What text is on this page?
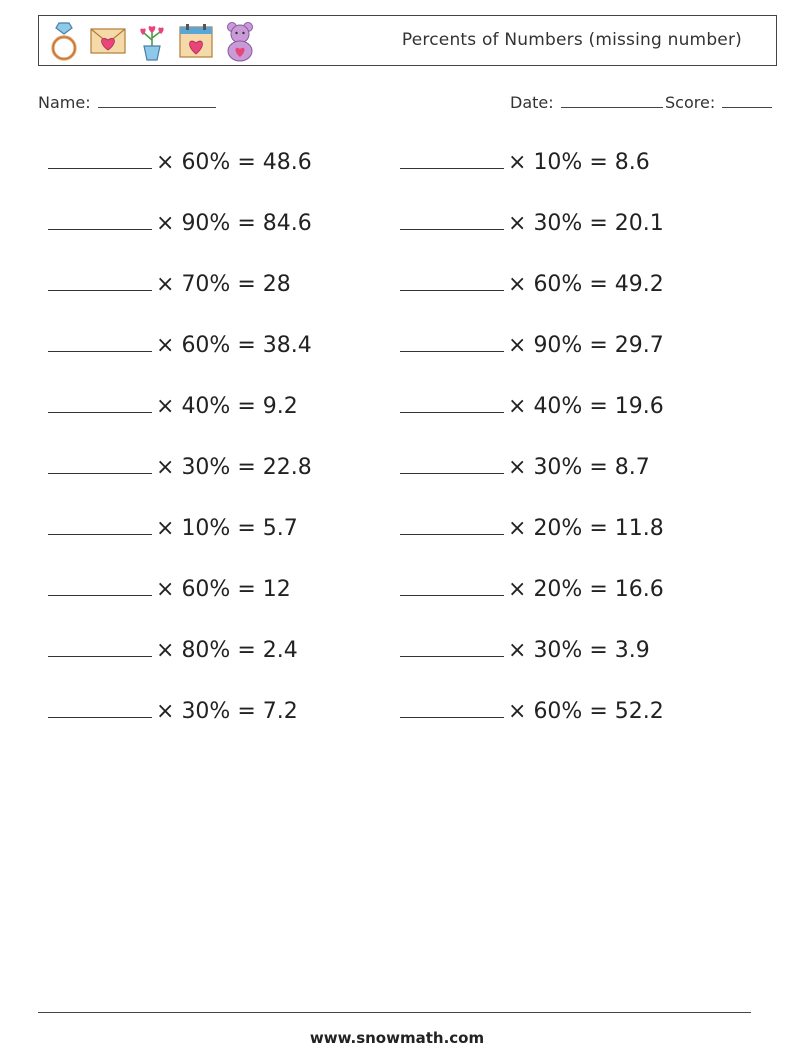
Percents of Numbers (missing number)
Name:	Date:	Score:
× 60% = 48.6	× 10% = 8.6
× 90% = 84.6	× 30% = 20.1
× 70% = 28	× 60% = 49.2
× 60% = 38.4	× 90% = 29.7
× 40% = 9.2	× 40% = 19.6
× 30% = 22.8	× 30% = 8.7
× 10% = 5.7	× 20% = 11.8
× 60% = 12	× 20% = 16.6
× 80% = 2.4	× 30% = 3.9
× 30% = 7.2	× 60% = 52.2
www.snowmath.com
